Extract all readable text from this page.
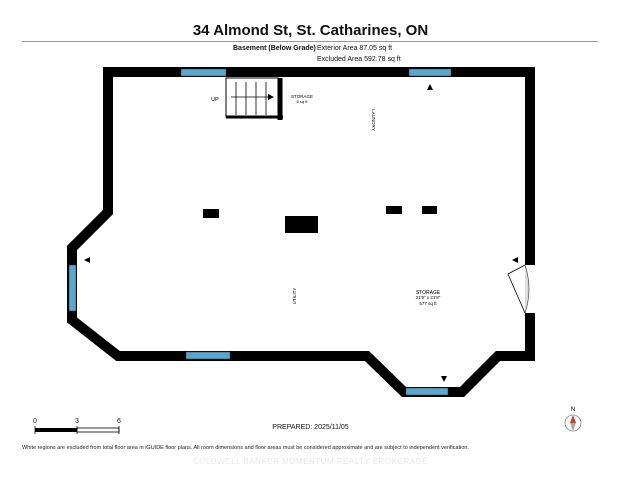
34 Almond St, St. Catharines, ON
Basement (Below Grade) Exterior Area 87.05 sq ft
Excluded Area 592.78 sq ft
UP
STORAGE
8 sq ft
LAUNDRY
UTILITY	STORAGE
31'9" x 21'8"
577 sq ft
N
0	3	6
PREPARED: 2025/11/05
White regions are excluded from total floor area in iGUIDE floor plans. All room dimensions and floor areas must be considered approximate and are subject to independent verification.
COLDWELL BANKER MOMENTUM REALTY BROKERAGE
